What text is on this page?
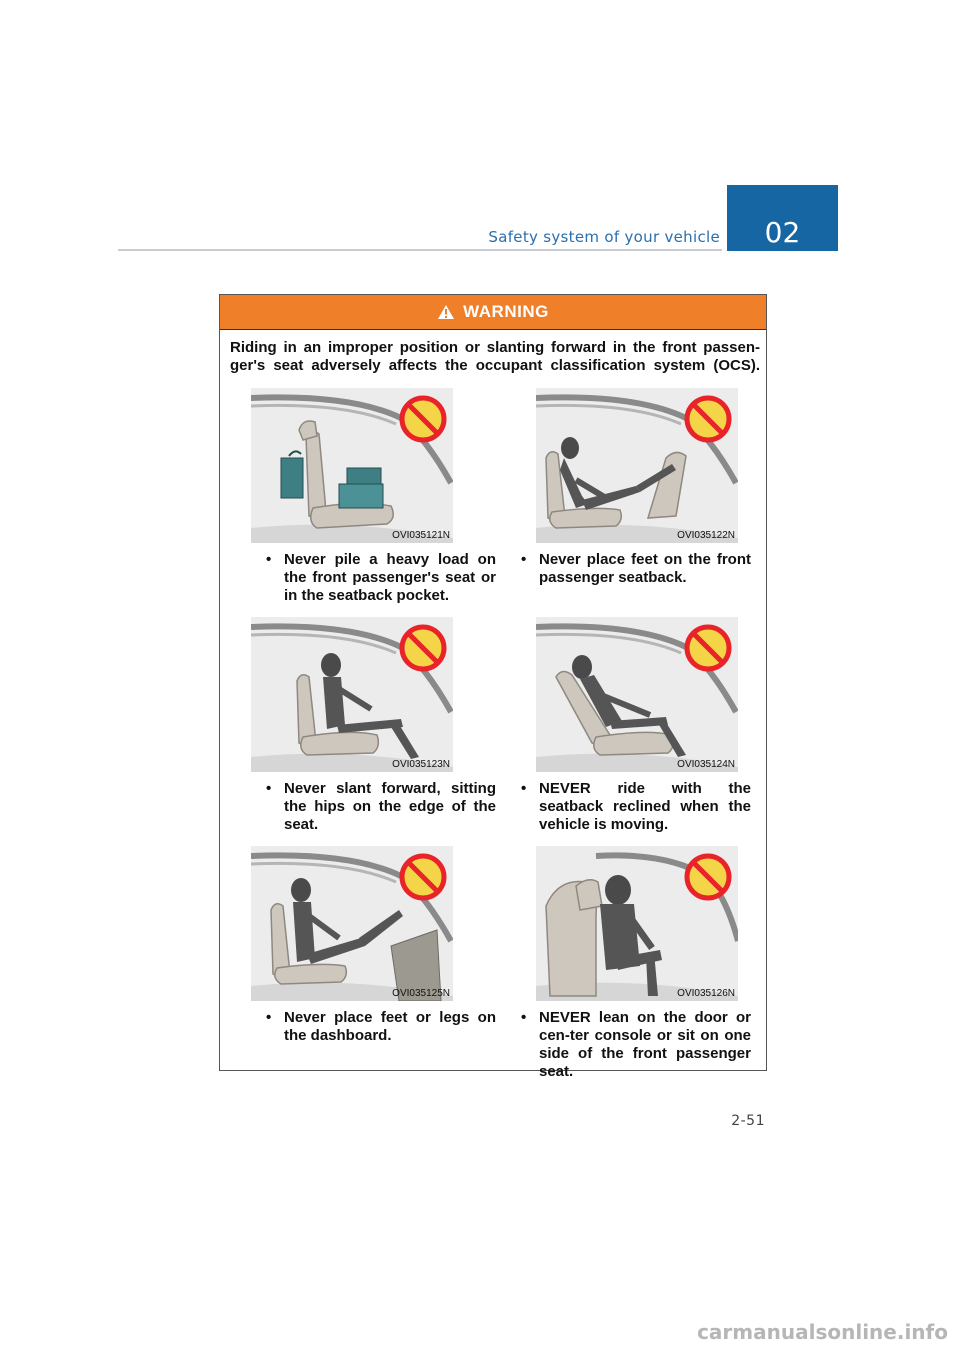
Safety system of your vehicle	02
WARNING
Riding in an improper position or slanting forward in the front passen-ger's seat adversely affects the occupant classification system (OCS).
OVI035121N	OVI035122N
• Never pile a heavy load on the front passenger's seat or in the seatback pocket.
• Never place feet on the front passenger seatback.
OVI035123N	OVI035124N
• Never slant forward, sitting the hips on the edge of the seat.
• NEVER ride with the seatback reclined when the vehicle is moving.
OVI035125N	OVI035126N
• Never place feet or legs on the dashboard.
• NEVER lean on the door or cen-ter console or sit on one side of the front passenger seat.
2-51
carmanualsonline.info
